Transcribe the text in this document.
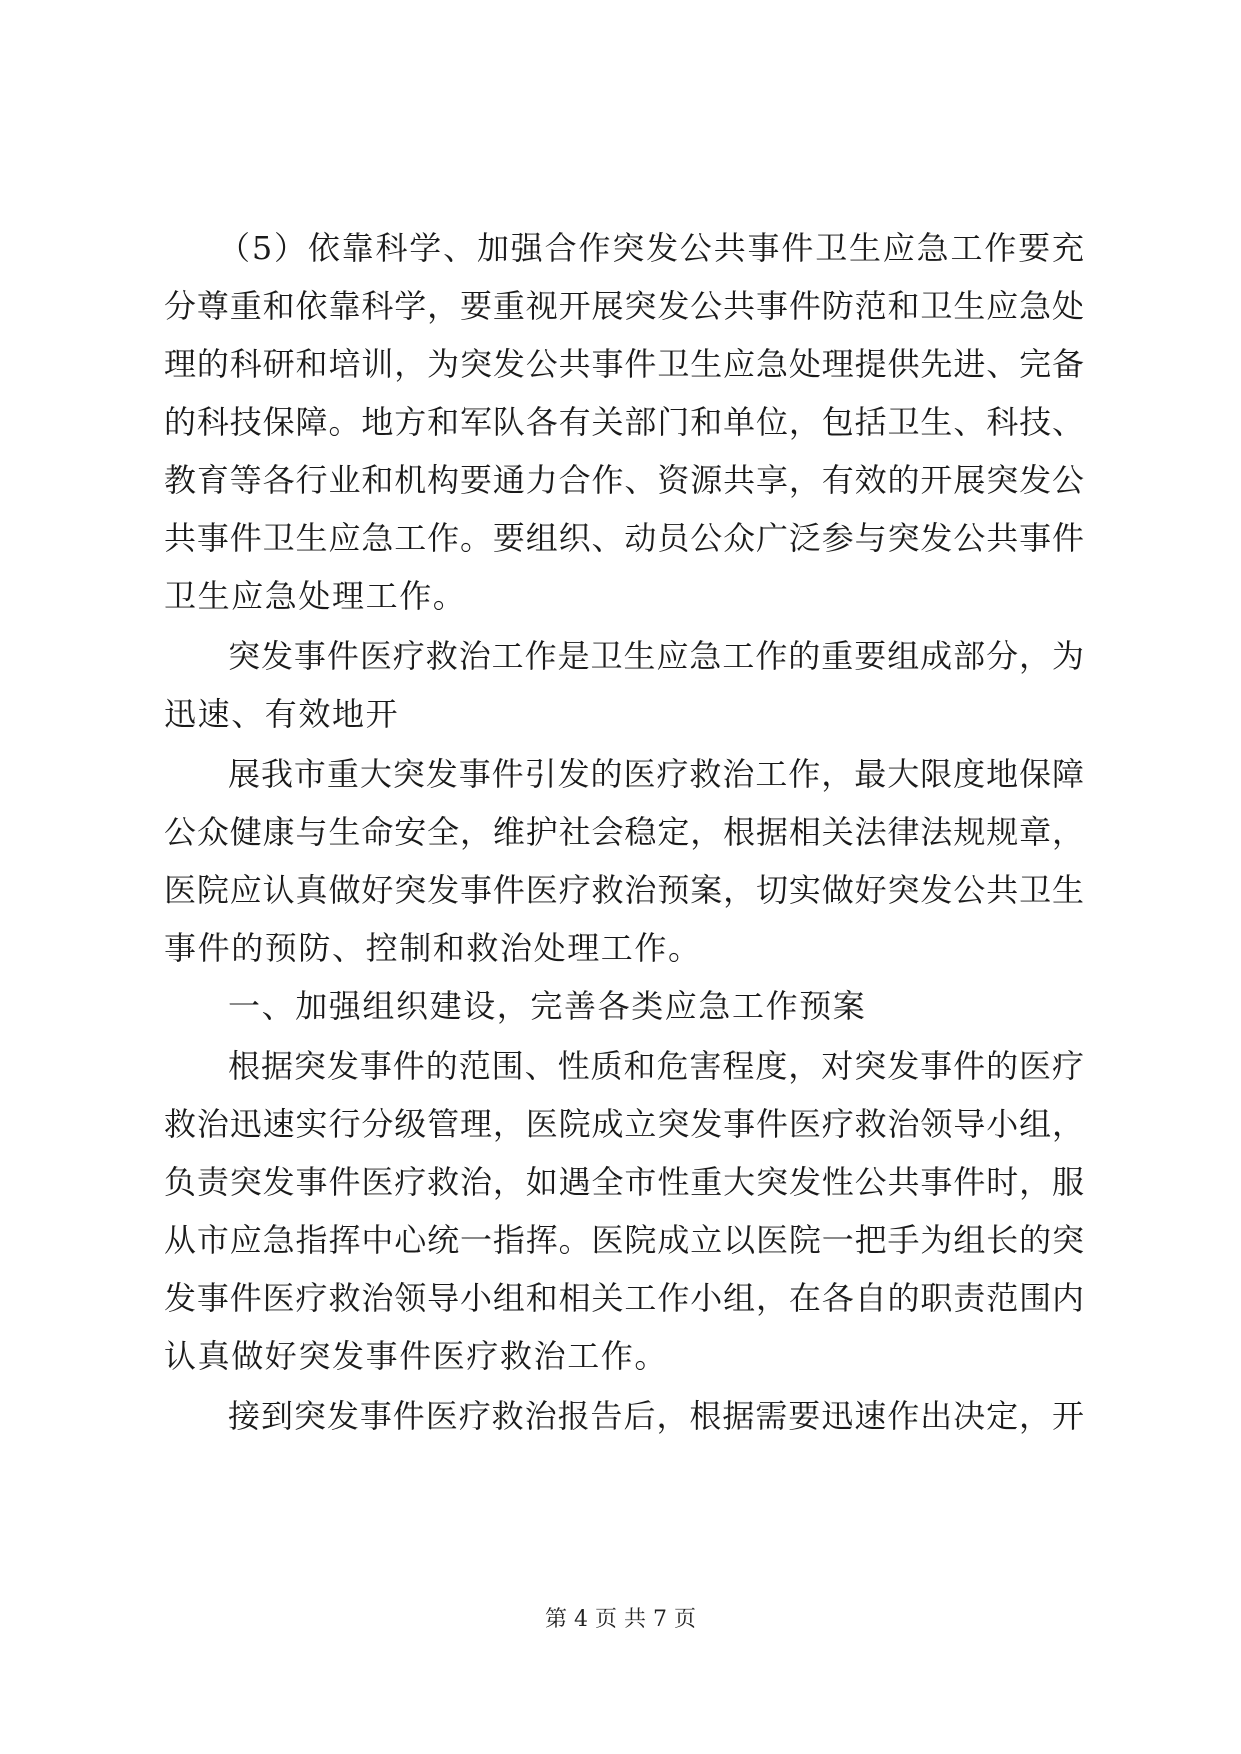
（5）依靠科学、加强合作突发公共事件卫生应急工作要充
分尊重和依靠科学，要重视开展突发公共事件防范和卫生应急处
理的科研和培训，为突发公共事件卫生应急处理提供先进、完备
的科技保障。地方和军队各有关部门和单位，包括卫生、科技、
教育等各行业和机构要通力合作、资源共享，有效的开展突发公
共事件卫生应急工作。要组织、动员公众广泛参与突发公共事件
卫生应急处理工作。
突发事件医疗救治工作是卫生应急工作的重要组成部分，为
迅速、有效地开
展我市重大突发事件引发的医疗救治工作，最大限度地保障
公众健康与生命安全，维护社会稳定，根据相关法律法规规章，
医院应认真做好突发事件医疗救治预案，切实做好突发公共卫生
事件的预防、控制和救治处理工作。
一、加强组织建设，完善各类应急工作预案
根据突发事件的范围、性质和危害程度，对突发事件的医疗
救治迅速实行分级管理，医院成立突发事件医疗救治领导小组，
负责突发事件医疗救治，如遇全市性重大突发性公共事件时，服
从市应急指挥中心统一指挥。医院成立以医院一把手为组长的突
发事件医疗救治领导小组和相关工作小组，在各自的职责范围内
认真做好突发事件医疗救治工作。
接到突发事件医疗救治报告后，根据需要迅速作出决定，开
第 4 页 共 7 页
